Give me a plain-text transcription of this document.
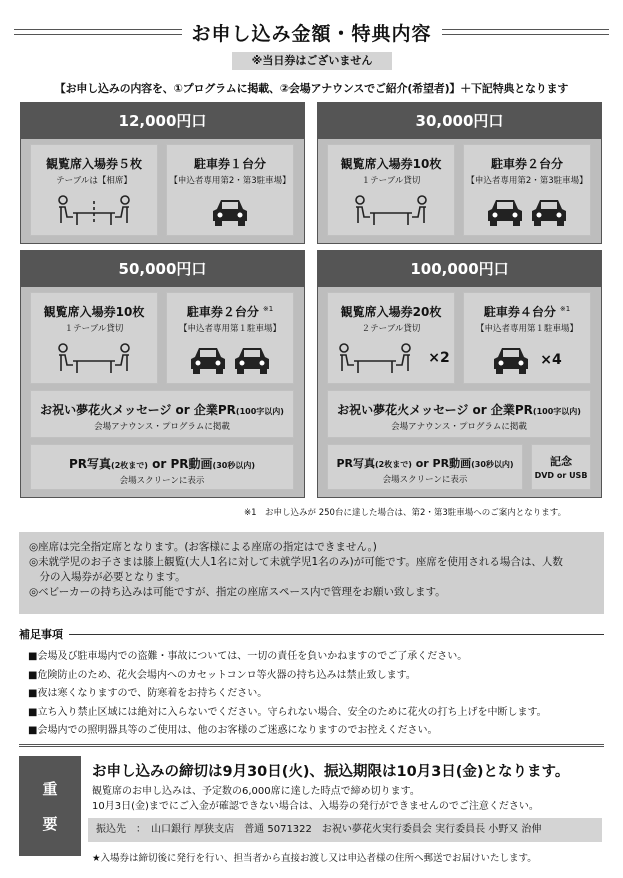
お申し込み金額・特典内容
※当日券はございません
【お申し込みの内容を、①プログラムに掲載、②会場アナウンスでご紹介(希望者)】＋下記特典となります
12,000円口
観覧席入場券５枚
テーブルは【相席】
駐車券１台分
【申込者専用第2・第3駐車場】
30,000円口
観覧席入場券10枚
１テーブル貸切
駐車券２台分
【申込者専用第2・第3駐車場】
50,000円口
観覧席入場券10枚
１テーブル貸切
駐車券２台分 $^{※1}$
【申込者専用第１駐車場】
お祝い夢花火メッセージ or 企業PR(100字以内)
会場アナウンス・プログラムに掲載
PR写真(2枚まで) or PR動画(30秒以内)
会場スクリーンに表示
100,000円口
観覧席入場券20枚
２テーブル貸切
×2
駐車券４台分 $^{※1}$
【申込者専用第１駐車場】
×4
お祝い夢花火メッセージ or 企業PR(100字以内)
会場アナウンス・プログラムに掲載
PR写真(2枚まで) or PR動画(30秒以内)
会場スクリーンに表示
記念
DVD or USB
※1　お申し込みが 250台に達した場合は、第2・第3駐車場へのご案内となります。
◎座席は完全指定席となります。(お客様による座席の指定はできません。)
◎未就学児のお子さまは膝上観覧(大人1名に対して未就学児1名のみ)が可能です。座席を使用される場合は、人数
　分の入場券が必要となります。
◎ベビーカーの持ち込みは可能ですが、指定の座席スペース内で管理をお願い致します。
補足事項
■会場及び駐車場内での盗難・事故については、一切の責任を負いかねますのでご了承ください。
■危険防止のため、花火会場内へのカセットコンロ等火器の持ち込みは禁止致します。
■夜は寒くなりますので、防寒着をお持ちください。
■立ち入り禁止区域には絶対に入らないでください。守られない場合、安全のために花火の打ち上げを中断します。
■会場内での照明器具等のご使用は、他のお客様のご迷惑になりますのでお控えください。
重
要
お申し込みの締切は9月30日(火)、振込期限は10月3日(金)となります。
観覧席のお申し込みは、予定数の6,000席に達した時点で締め切ります。
10月3日(金)までにご入金が確認できない場合は、入場券の発行ができませんのでご注意ください。
振込先　：　山口銀行 厚狭支店　普通 5071322　お祝い夢花火実行委員会 実行委員長 小野又 治伸
★入場券は締切後に発行を行い、担当者から直接お渡し又は申込者様の住所へ郵送でお届けいたします。
